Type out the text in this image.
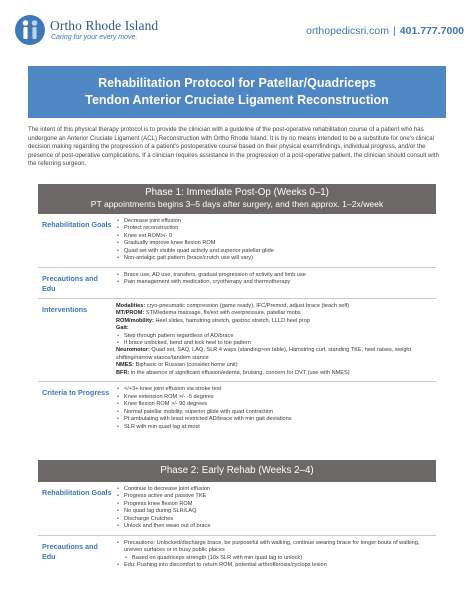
Ortho Rhode Island
Caring for your every move.
orthopedicsri.com | 401.777.7000
Rehabilitation Protocol for Patellar/Quadriceps
Tendon Anterior Cruciate Ligament Reconstruction

The intent of this physical therapy protocol is to provide the clinician with a guideline of the post-operative rehabilitation course of a patient who has undergone an Anterior Cruciate Ligament (ACL) Reconstruction with Ortho Rhode Island. It is by no means intended to be a substitute for one's clinical decision making regarding the progression of a patient's postoperative course based on their physical exam/findings, individual progress, and/or the presence of post-operative complications. If a clinician requires assistance in the progression of a post-operative patient, the clinician should consult with the referring surgeon.

Phase 1: Immediate Post-Op (Weeks 0–1)
PT appointments begins 3–5 days after surgery, and then approx. 1–2x/week
Rehabilitation Goals	• Decrease joint effusion
• Protect reconstruction
• Knee ext ROM>/- 0
• Gradually improve knee flexion ROM
• Quad set with visible quad activity and superior patellar glide
• Non-antalgic gait pattern (brace/crutch use will vary)
Precautions and Edu
• Brace use, AD use, transfers, gradual progression of activity and limb use
• Pain management with medication, cryotherapy and thermotherapy
Interventions	Modalities: cryo-pneumatic compression (game ready), IFC/Premod, adjust brace (teach self)
MT/PROM: STM/edema massage, flx/ext with overpressure, patellar mobs
ROM/mobility: Heel slides, hamstring stretch, gastroc stretch, LLLD heel prop
Gait:
• Step through pattern regardless of AD/brace
• If brace unlocked, bend and kick heel to toe pattern
Neuromotor: Quad set, SAQ, LAQ, SLR 4 ways (standing>on table), Hamstring curl, standing TKE, heel raises, weight shifting/narrow stance/tandem stance
NMES: Biphasic or Russian (consider home unit)
BFR: in the absence of significant effusion/edema, bruising, concern for DVT (use with NMES)
Criteria to Progress	• </+3+ knee joint effusion via stroke test
• Knee extension ROM >/- -5 degrees
• Knee flexion ROM >/- 90 degrees
• Normal patellar mobility, superior glide with quad contraction
• Pt ambulating with least restricted AD/brace with min gait deviations
• SLR with min quad lag at most
Phase 2: Early Rehab (Weeks 2–4)
Rehabilitation Goals	• Continue to decrease joint effusion
• Progress active and passive TKE
• Progress knee flexion ROM
• No quad lag during SLR/LAQ
• Discharge Crutches
• Unlock and then wean out of brace
Precautions and Edu
• Precautions: Unlocked/discharge brace, be purposeful with walking, continue wearing brace for longer bouts of walking, uneven surfaces or in busy public places
• Based on quadriceps strength (10x SLR with min quad lag to unlock)
• Edu: Pushing into discomfort to return ROM, potential arthrofibrosis/cyclops lesion
